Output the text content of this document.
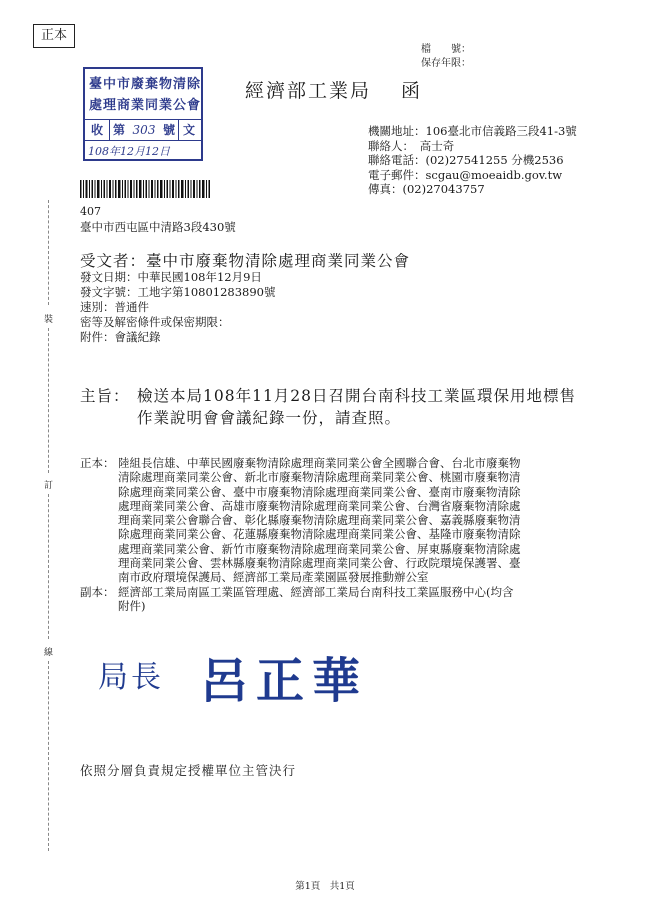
正本
檔　　號：
保存年限：
臺中市廢棄物清除
處理商業同業公會
收 第 303 號 文
108年12月12日
經濟部工業局 函
機關地址：106臺北市信義路三段41-3號
聯絡人：　高士奇
聯絡電話：(02)27541255 分機2536
電子郵件：scgau@moeaidb.gov.tw
傳真：(02)27043757
407
臺中市西屯區中清路3段430號
受文者：臺中市廢棄物清除處理商業同業公會
發文日期：中華民國108年12月9日
發文字號：工地字第10801283890號
速別：普通件
密等及解密條件或保密期限：
附件：會議紀錄
裝
訂
線
主旨： 檢送本局108年11月28日召開台南科技工業區環保用地標售
作業說明會會議紀錄一份，請查照。
正本： 陸組長信雄、中華民國廢棄物清除處理商業同業公會全國聯合會、台北市廢棄物
清除處理商業同業公會、新北市廢棄物清除處理商業同業公會、桃園市廢棄物清
除處理商業同業公會、臺中市廢棄物清除處理商業同業公會、臺南市廢棄物清除
處理商業同業公會、高雄市廢棄物清除處理商業同業公會、台灣省廢棄物清除處
理商業同業公會聯合會、彰化縣廢棄物清除處理商業同業公會、嘉義縣廢棄物清
除處理商業同業公會、花蓮縣廢棄物清除處理商業同業公會、基隆市廢棄物清除
處理商業同業公會、新竹市廢棄物清除處理商業同業公會、屏東縣廢棄物清除處
理商業同業公會、雲林縣廢棄物清除處理商業同業公會、行政院環境保護署、臺
南市政府環境保護局、經濟部工業局產業園區發展推動辦公室
副本： 經濟部工業局南區工業區管理處、經濟部工業局台南科技工業區服務中心(均含
附件)
局長 呂正華
依照分層負責規定授權單位主管決行
第1頁　共1頁
